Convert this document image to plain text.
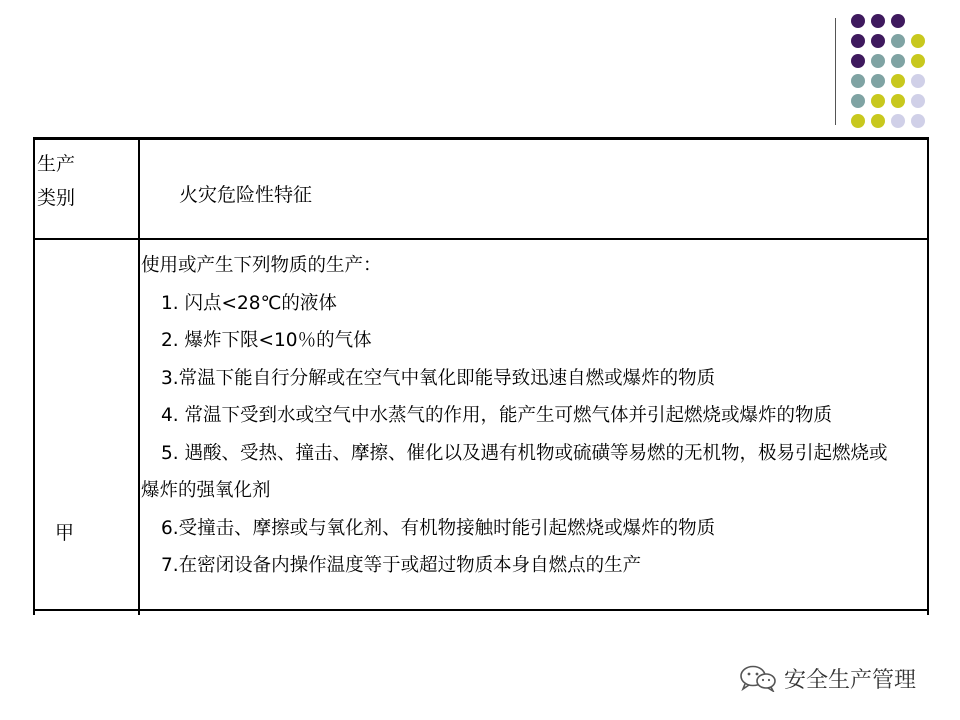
生产
类别	火灾危险性特征
甲
使用或产生下列物质的生产：
1. 闪点<28℃的液体
2. 爆炸下限<10％的气体
3.常温下能自行分解或在空气中氧化即能导致迅速自燃或爆炸的物质
4. 常温下受到水或空气中水蒸气的作用，能产生可燃气体并引起燃烧或爆炸的物质
5. 遇酸、受热、撞击、摩擦、催化以及遇有机物或硫磺等易燃的无机物，极易引起燃烧或
爆炸的强氧化剂
6.受撞击、摩擦或与氧化剂、有机物接触时能引起燃烧或爆炸的物质
7.在密闭设备内操作温度等于或超过物质本身自燃点的生产
安全生产管理
